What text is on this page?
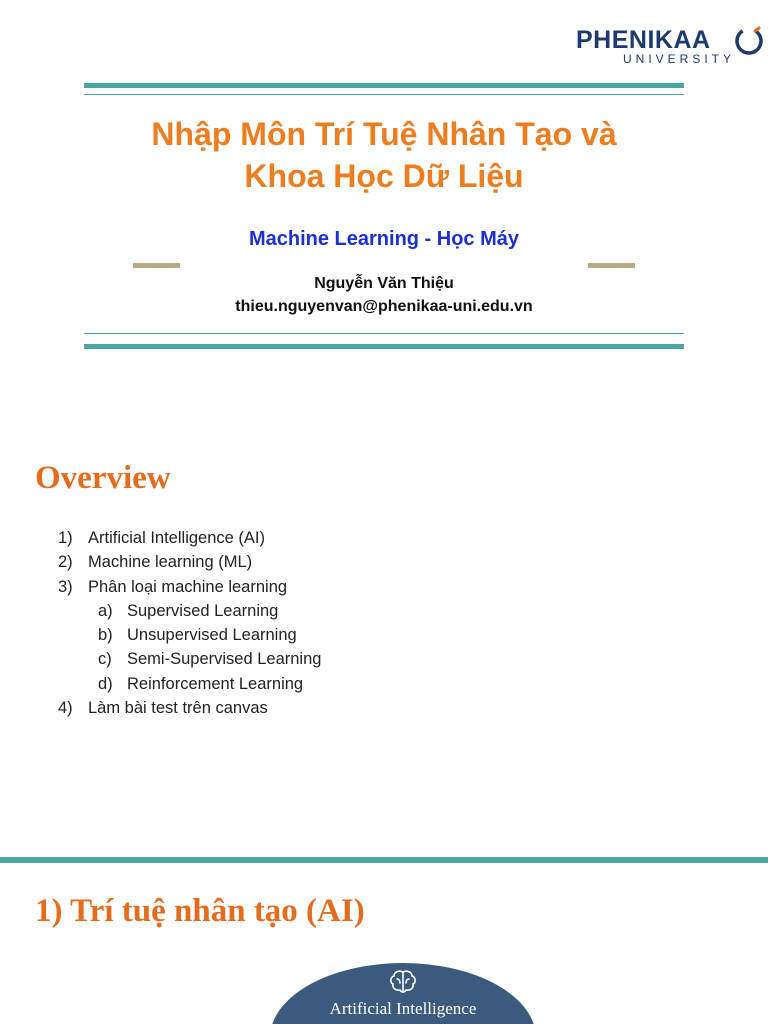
PHENIKAA
UNIVERSITY
Nhập Môn Trí Tuệ Nhân Tạo và
Khoa Học Dữ Liệu
Machine Learning - Học Máy
Nguyễn Văn Thiệu
thieu.nguyenvan@phenikaa-uni.edu.vn
Overview
1) Artificial Intelligence (AI)
2) Machine learning (ML)
3) Phân loại machine learning
a) Supervised Learning
b) Unsupervised Learning
c) Semi-Supervised Learning
d) Reinforcement Learning
4) Làm bài test trên canvas
1) Trí tuệ nhân tạo (AI)
Artificial Intelligence
